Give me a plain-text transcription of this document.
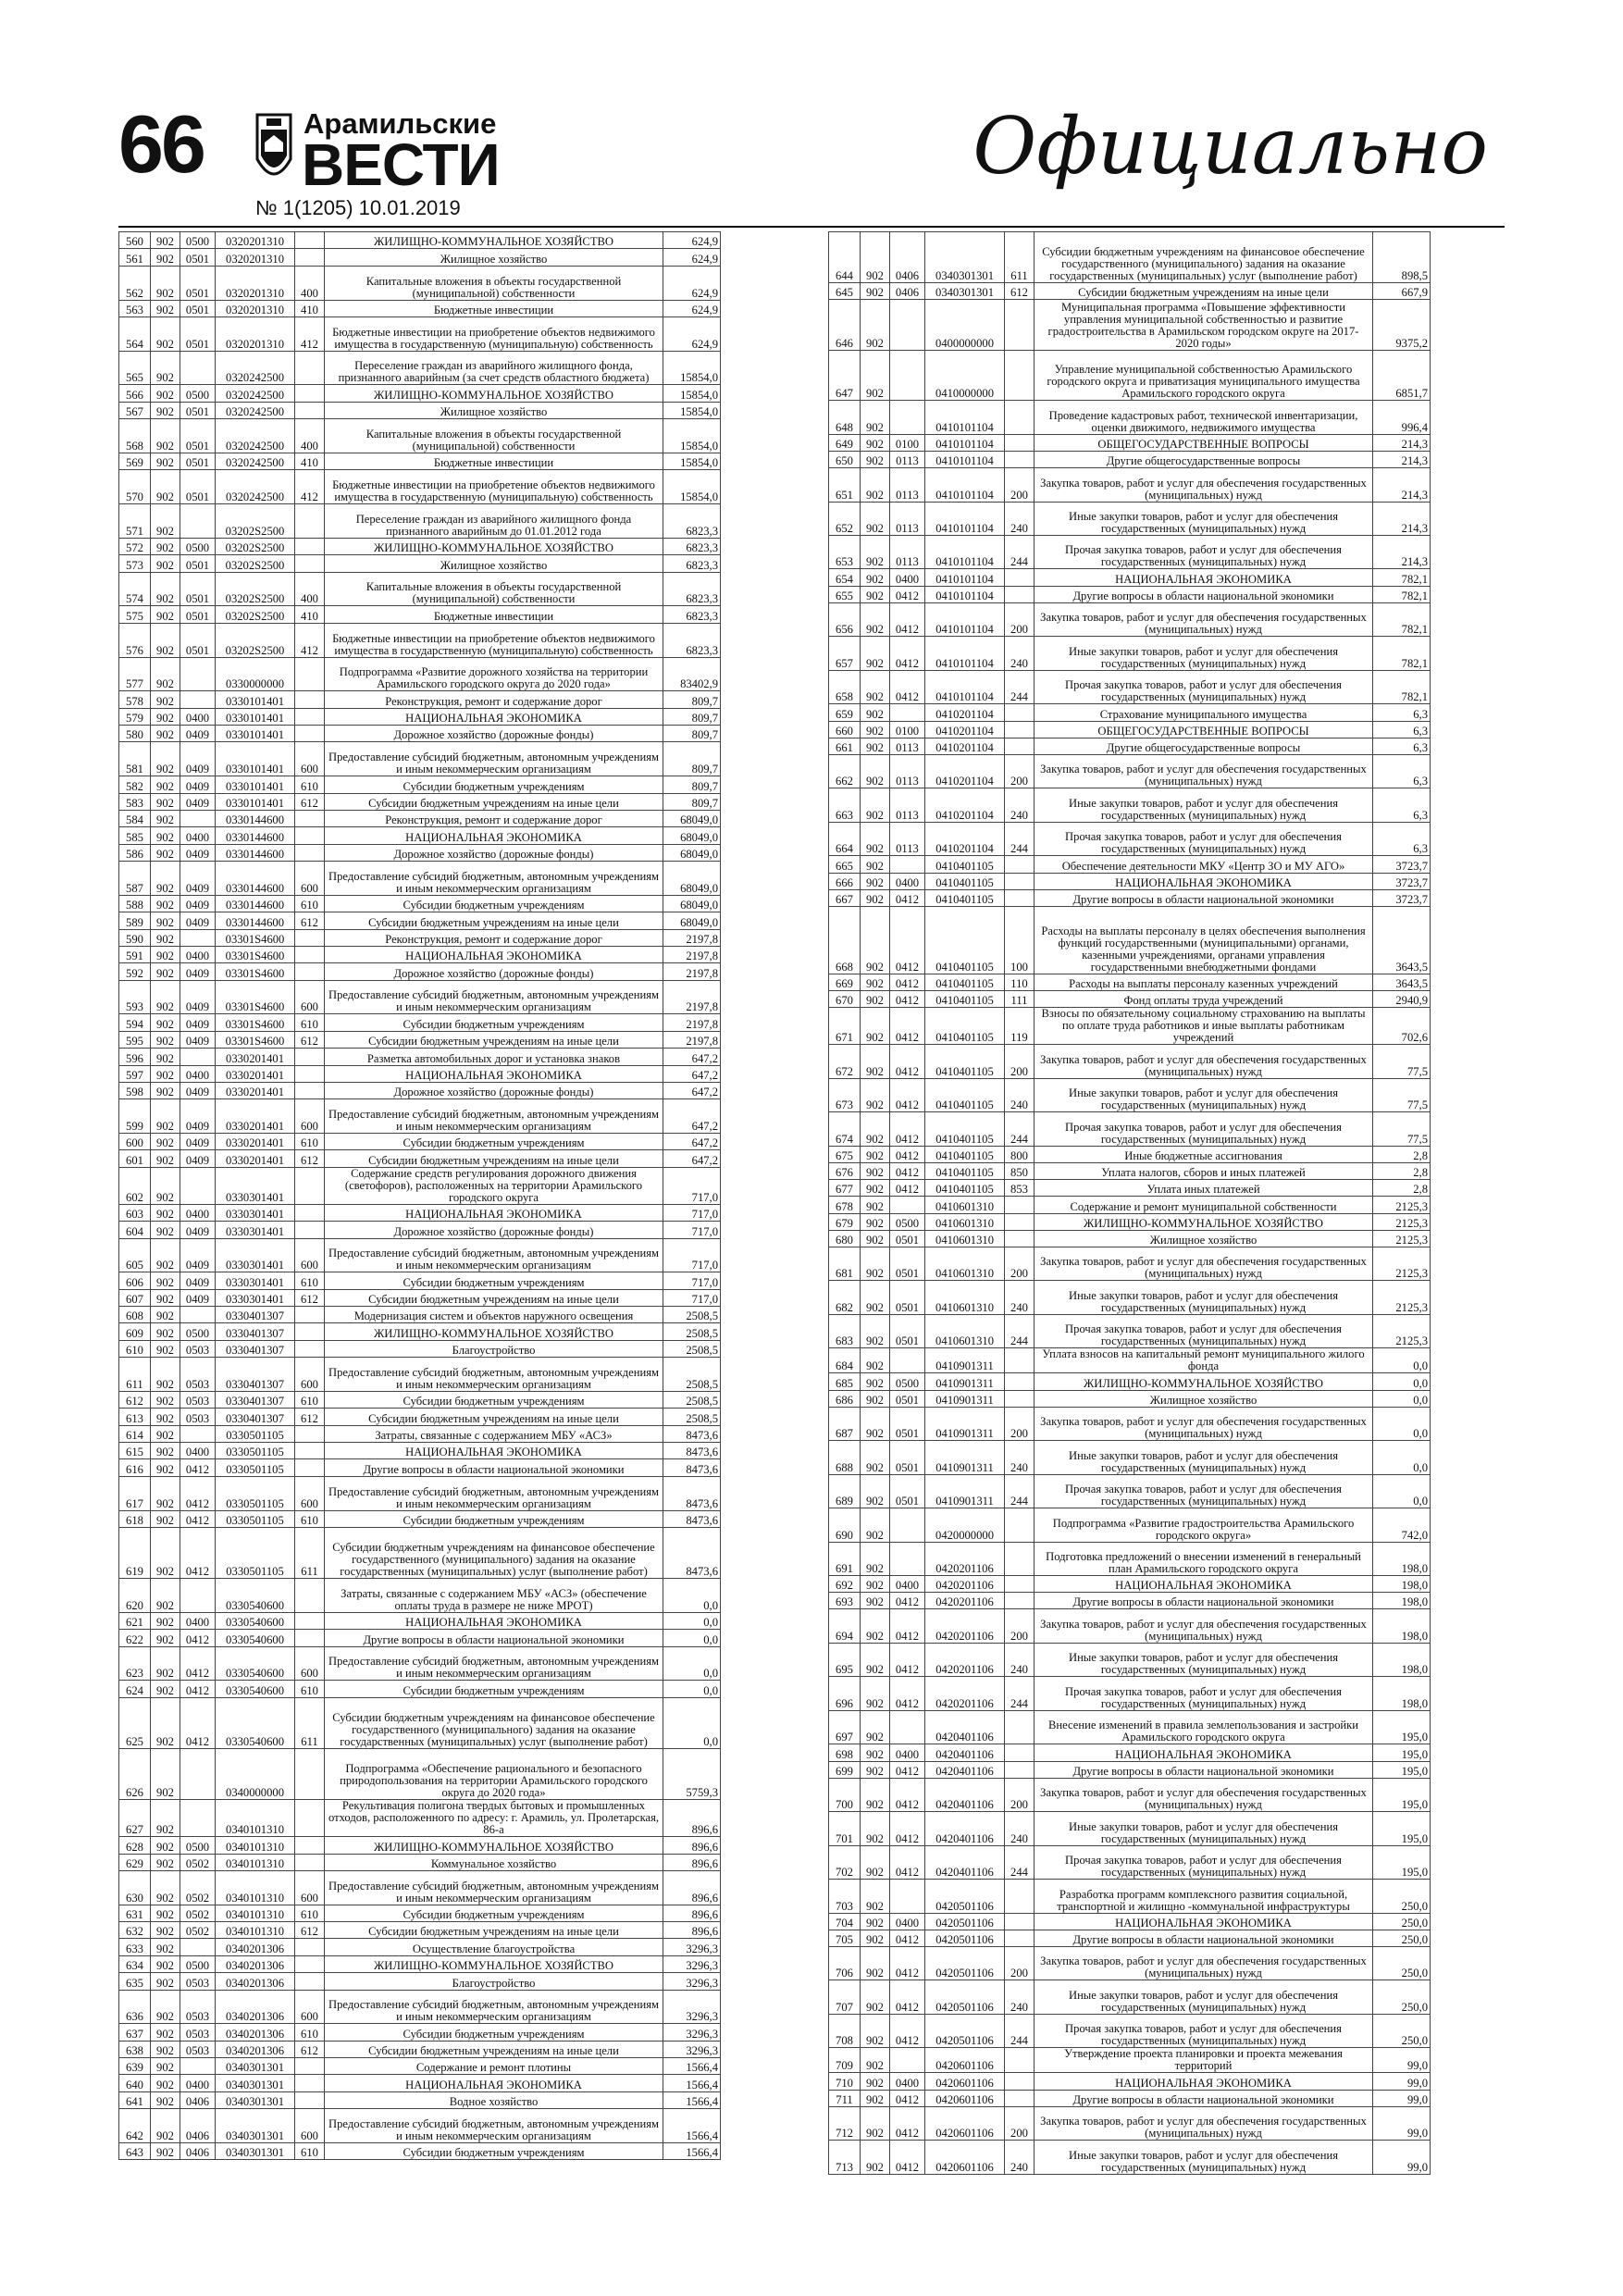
66	Арамильские
ВЕСТИ
№ 1(1205) 10.01.2019
Официально
560	902	0500	0320201310		ЖИЛИЩНО-КОММУНАЛЬНОЕ ХОЗЯЙСТВО	624,9
561	902	0501	0320201310		Жилищное хозяйство	624,9
562	902	0501	0320201310	400	Капитальные вложения в объекты государственной (муниципальной) собственности	624,9
563	902	0501	0320201310	410	Бюджетные инвестиции	624,9
564	902	0501	0320201310	412	Бюджетные инвестиции на приобретение объектов недвижимого имущества в государственную (муниципальную) собственность	624,9
565	902		0320242500		Переселение граждан из аварийного жилищного фонда, признанного аварийным (за счет средств областного бюджета)	15854,0
566	902	0500	0320242500		ЖИЛИЩНО-КОММУНАЛЬНОЕ ХОЗЯЙСТВО	15854,0
567	902	0501	0320242500		Жилищное хозяйство	15854,0
568	902	0501	0320242500	400	Капитальные вложения в объекты государственной (муниципальной) собственности	15854,0
569	902	0501	0320242500	410	Бюджетные инвестиции	15854,0
570	902	0501	0320242500	412	Бюджетные инвестиции на приобретение объектов недвижимого имущества в государственную (муниципальную) собственность	15854,0
571	902		03202S2500		Переселение граждан из аварийного жилищного фонда признанного аварийным до 01.01.2012 года	6823,3
572	902	0500	03202S2500		ЖИЛИЩНО-КОММУНАЛЬНОЕ ХОЗЯЙСТВО	6823,3
573	902	0501	03202S2500		Жилищное хозяйство	6823,3
574	902	0501	03202S2500	400	Капитальные вложения в объекты государственной (муниципальной) собственности	6823,3
575	902	0501	03202S2500	410	Бюджетные инвестиции	6823,3
576	902	0501	03202S2500	412	Бюджетные инвестиции на приобретение объектов недвижимого имущества в государственную (муниципальную) собственность	6823,3
577	902		0330000000		Подпрограмма «Развитие дорожного хозяйства на территории Арамильского городского округа до 2020 года»	83402,9
578	902		0330101401		Реконструкция, ремонт и содержание дорог	809,7
579	902	0400	0330101401		НАЦИОНАЛЬНАЯ ЭКОНОМИКА	809,7
580	902	0409	0330101401		Дорожное хозяйство (дорожные фонды)	809,7
581	902	0409	0330101401	600	Предоставление субсидий бюджетным, автономным учреждениям и иным некоммерческим организациям	809,7
582	902	0409	0330101401	610	Субсидии бюджетным учреждениям	809,7
583	902	0409	0330101401	612	Субсидии бюджетным учреждениям на иные цели	809,7
584	902		0330144600		Реконструкция, ремонт и содержание дорог	68049,0
585	902	0400	0330144600		НАЦИОНАЛЬНАЯ ЭКОНОМИКА	68049,0
586	902	0409	0330144600		Дорожное хозяйство (дорожные фонды)	68049,0
587	902	0409	0330144600	600	Предоставление субсидий бюджетным, автономным учреждениям и иным некоммерческим организациям	68049,0
588	902	0409	0330144600	610	Субсидии бюджетным учреждениям	68049,0
589	902	0409	0330144600	612	Субсидии бюджетным учреждениям на иные цели	68049,0
590	902		03301S4600		Реконструкция, ремонт и содержание дорог	2197,8
591	902	0400	03301S4600		НАЦИОНАЛЬНАЯ ЭКОНОМИКА	2197,8
592	902	0409	03301S4600		Дорожное хозяйство (дорожные фонды)	2197,8
593	902	0409	03301S4600	600	Предоставление субсидий бюджетным, автономным учреждениям и иным некоммерческим организациям	2197,8
594	902	0409	03301S4600	610	Субсидии бюджетным учреждениям	2197,8
595	902	0409	03301S4600	612	Субсидии бюджетным учреждениям на иные цели	2197,8
596	902		0330201401		Разметка автомобильных дорог и установка знаков	647,2
597	902	0400	0330201401		НАЦИОНАЛЬНАЯ ЭКОНОМИКА	647,2
598	902	0409	0330201401		Дорожное хозяйство (дорожные фонды)	647,2
599	902	0409	0330201401	600	Предоставление субсидий бюджетным, автономным учреждениям и иным некоммерческим организациям	647,2
600	902	0409	0330201401	610	Субсидии бюджетным учреждениям	647,2
601	902	0409	0330201401	612	Субсидии бюджетным учреждениям на иные цели	647,2
602	902		0330301401		Содержание средств регулирования дорожного движения (светофоров), расположенных на территории Арамильского городского округа	717,0
603	902	0400	0330301401		НАЦИОНАЛЬНАЯ ЭКОНОМИКА	717,0
604	902	0409	0330301401		Дорожное хозяйство (дорожные фонды)	717,0
605	902	0409	0330301401	600	Предоставление субсидий бюджетным, автономным учреждениям и иным некоммерческим организациям	717,0
606	902	0409	0330301401	610	Субсидии бюджетным учреждениям	717,0
607	902	0409	0330301401	612	Субсидии бюджетным учреждениям на иные цели	717,0
608	902		0330401307		Модернизация систем и объектов наружного освещения	2508,5
609	902	0500	0330401307		ЖИЛИЩНО-КОММУНАЛЬНОЕ ХОЗЯЙСТВО	2508,5
610	902	0503	0330401307		Благоустройство	2508,5
611	902	0503	0330401307	600	Предоставление субсидий бюджетным, автономным учреждениям и иным некоммерческим организациям	2508,5
612	902	0503	0330401307	610	Субсидии бюджетным учреждениям	2508,5
613	902	0503	0330401307	612	Субсидии бюджетным учреждениям на иные цели	2508,5
614	902		0330501105		Затраты, связанные с содержанием МБУ «АСЗ»	8473,6
615	902	0400	0330501105		НАЦИОНАЛЬНАЯ ЭКОНОМИКА	8473,6
616	902	0412	0330501105		Другие вопросы в области национальной экономики	8473,6
617	902	0412	0330501105	600	Предоставление субсидий бюджетным, автономным учреждениям и иным некоммерческим организациям	8473,6
618	902	0412	0330501105	610	Субсидии бюджетным учреждениям	8473,6
619	902	0412	0330501105	611	Субсидии бюджетным учреждениям на финансовое обеспечение государственного (муниципального) задания на оказание государственных (муниципальных) услуг (выполнение работ)	8473,6
620	902		0330540600		Затраты, связанные с содержанием МБУ «АСЗ» (обеспечение оплаты труда в размере не ниже МРОТ)	0,0
621	902	0400	0330540600		НАЦИОНАЛЬНАЯ ЭКОНОМИКА	0,0
622	902	0412	0330540600		Другие вопросы в области национальной экономики	0,0
623	902	0412	0330540600	600	Предоставление субсидий бюджетным, автономным учреждениям и иным некоммерческим организациям	0,0
624	902	0412	0330540600	610	Субсидии бюджетным учреждениям	0,0
625	902	0412	0330540600	611	Субсидии бюджетным учреждениям на финансовое обеспечение государственного (муниципального) задания на оказание государственных (муниципальных) услуг (выполнение работ)	0,0
626	902		0340000000		Подпрограмма «Обеспечение рационального и безопасного природопользования на территории Арамильского городского округа до 2020 года»	5759,3
627	902		0340101310		Рекультивация полигона твердых бытовых и промышленных отходов, расположенного по адресу: г. Арамиль, ул. Пролетарская, 86-а	896,6
628	902	0500	0340101310		ЖИЛИЩНО-КОММУНАЛЬНОЕ ХОЗЯЙСТВО	896,6
629	902	0502	0340101310		Коммунальное хозяйство	896,6
630	902	0502	0340101310	600	Предоставление субсидий бюджетным, автономным учреждениям и иным некоммерческим организациям	896,6
631	902	0502	0340101310	610	Субсидии бюджетным учреждениям	896,6
632	902	0502	0340101310	612	Субсидии бюджетным учреждениям на иные цели	896,6
633	902		0340201306		Осуществление благоустройства	3296,3
634	902	0500	0340201306		ЖИЛИЩНО-КОММУНАЛЬНОЕ ХОЗЯЙСТВО	3296,3
635	902	0503	0340201306		Благоустройство	3296,3
636	902	0503	0340201306	600	Предоставление субсидий бюджетным, автономным учреждениям и иным некоммерческим организациям	3296,3
637	902	0503	0340201306	610	Субсидии бюджетным учреждениям	3296,3
638	902	0503	0340201306	612	Субсидии бюджетным учреждениям на иные цели	3296,3
639	902		0340301301		Содержание и ремонт плотины	1566,4
640	902	0400	0340301301		НАЦИОНАЛЬНАЯ ЭКОНОМИКА	1566,4
641	902	0406	0340301301		Водное хозяйство	1566,4
642	902	0406	0340301301	600	Предоставление субсидий бюджетным, автономным учреждениям и иным некоммерческим организациям	1566,4
643	902	0406	0340301301	610	Субсидии бюджетным учреждениям	1566,4
644	902	0406	0340301301	611	Субсидии бюджетным учреждениям на финансовое обеспечение государственного (муниципального) задания на оказание государственных (муниципальных) услуг (выполнение работ)	898,5
645	902	0406	0340301301	612	Субсидии бюджетным учреждениям на иные цели	667,9
646	902		0400000000		Муниципальная программа «Повышение эффективности управления муниципальной собственностью и развитие градостроительства в Арамильском городском округе на 2017-2020 годы»	9375,2
647	902		0410000000		Управление муниципальной собственностью Арамильского городского округа и приватизация муниципального имущества Арамильского городского округа	6851,7
648	902		0410101104		Проведение кадастровых работ, технической инвентаризации, оценки движимого, недвижимого имущества	996,4
649	902	0100	0410101104		ОБЩЕГОСУДАРСТВЕННЫЕ ВОПРОСЫ	214,3
650	902	0113	0410101104		Другие общегосударственные вопросы	214,3
651	902	0113	0410101104	200	Закупка товаров, работ и услуг для обеспечения государственных (муниципальных) нужд	214,3
652	902	0113	0410101104	240	Иные закупки товаров, работ и услуг для обеспечения государственных (муниципальных) нужд	214,3
653	902	0113	0410101104	244	Прочая закупка товаров, работ и услуг для обеспечения государственных (муниципальных) нужд	214,3
654	902	0400	0410101104		НАЦИОНАЛЬНАЯ ЭКОНОМИКА	782,1
655	902	0412	0410101104		Другие вопросы в области национальной экономики	782,1
656	902	0412	0410101104	200	Закупка товаров, работ и услуг для обеспечения государственных (муниципальных) нужд	782,1
657	902	0412	0410101104	240	Иные закупки товаров, работ и услуг для обеспечения государственных (муниципальных) нужд	782,1
658	902	0412	0410101104	244	Прочая закупка товаров, работ и услуг для обеспечения государственных (муниципальных) нужд	782,1
659	902		0410201104		Страхование муниципального имущества	6,3
660	902	0100	0410201104		ОБЩЕГОСУДАРСТВЕННЫЕ ВОПРОСЫ	6,3
661	902	0113	0410201104		Другие общегосударственные вопросы	6,3
662	902	0113	0410201104	200	Закупка товаров, работ и услуг для обеспечения государственных (муниципальных) нужд	6,3
663	902	0113	0410201104	240	Иные закупки товаров, работ и услуг для обеспечения государственных (муниципальных) нужд	6,3
664	902	0113	0410201104	244	Прочая закупка товаров, работ и услуг для обеспечения государственных (муниципальных) нужд	6,3
665	902		0410401105		Обеспечение деятельности МКУ «Центр ЗО и МУ АГО»	3723,7
666	902	0400	0410401105		НАЦИОНАЛЬНАЯ ЭКОНОМИКА	3723,7
667	902	0412	0410401105		Другие вопросы в области национальной экономики	3723,7
668	902	0412	0410401105	100	Расходы на выплаты персоналу в целях обеспечения выполнения функций государственными (муниципальными) органами, казенными учреждениями, органами управления государственными внебюджетными фондами	3643,5
669	902	0412	0410401105	110	Расходы на выплаты персоналу казенных учреждений	3643,5
670	902	0412	0410401105	111	Фонд оплаты труда учреждений	2940,9
671	902	0412	0410401105	119	Взносы по обязательному социальному страхованию на выплаты по оплате труда работников и иные выплаты работникам учреждений	702,6
672	902	0412	0410401105	200	Закупка товаров, работ и услуг для обеспечения государственных (муниципальных) нужд	77,5
673	902	0412	0410401105	240	Иные закупки товаров, работ и услуг для обеспечения государственных (муниципальных) нужд	77,5
674	902	0412	0410401105	244	Прочая закупка товаров, работ и услуг для обеспечения государственных (муниципальных) нужд	77,5
675	902	0412	0410401105	800	Иные бюджетные ассигнования	2,8
676	902	0412	0410401105	850	Уплата налогов, сборов и иных платежей	2,8
677	902	0412	0410401105	853	Уплата иных платежей	2,8
678	902		0410601310		Содержание и ремонт муниципальной собственности	2125,3
679	902	0500	0410601310		ЖИЛИЩНО-КОММУНАЛЬНОЕ ХОЗЯЙСТВО	2125,3
680	902	0501	0410601310		Жилищное хозяйство	2125,3
681	902	0501	0410601310	200	Закупка товаров, работ и услуг для обеспечения государственных (муниципальных) нужд	2125,3
682	902	0501	0410601310	240	Иные закупки товаров, работ и услуг для обеспечения государственных (муниципальных) нужд	2125,3
683	902	0501	0410601310	244	Прочая закупка товаров, работ и услуг для обеспечения государственных (муниципальных) нужд	2125,3
684	902		0410901311		Уплата взносов на капитальный ремонт муниципального жилого фонда	0,0
685	902	0500	0410901311		ЖИЛИЩНО-КОММУНАЛЬНОЕ ХОЗЯЙСТВО	0,0
686	902	0501	0410901311		Жилищное хозяйство	0,0
687	902	0501	0410901311	200	Закупка товаров, работ и услуг для обеспечения государственных (муниципальных) нужд	0,0
688	902	0501	0410901311	240	Иные закупки товаров, работ и услуг для обеспечения государственных (муниципальных) нужд	0,0
689	902	0501	0410901311	244	Прочая закупка товаров, работ и услуг для обеспечения государственных (муниципальных) нужд	0,0
690	902		0420000000		Подпрограмма «Развитие градостроительства Арамильского городского округа»	742,0
691	902		0420201106		Подготовка предложений о внесении изменений в генеральный план Арамильского городского округа	198,0
692	902	0400	0420201106		НАЦИОНАЛЬНАЯ ЭКОНОМИКА	198,0
693	902	0412	0420201106		Другие вопросы в области национальной экономики	198,0
694	902	0412	0420201106	200	Закупка товаров, работ и услуг для обеспечения государственных (муниципальных) нужд	198,0
695	902	0412	0420201106	240	Иные закупки товаров, работ и услуг для обеспечения государственных (муниципальных) нужд	198,0
696	902	0412	0420201106	244	Прочая закупка товаров, работ и услуг для обеспечения государственных (муниципальных) нужд	198,0
697	902		0420401106		Внесение изменений в правила землепользования и застройки Арамильского городского округа	195,0
698	902	0400	0420401106		НАЦИОНАЛЬНАЯ ЭКОНОМИКА	195,0
699	902	0412	0420401106		Другие вопросы в области национальной экономики	195,0
700	902	0412	0420401106	200	Закупка товаров, работ и услуг для обеспечения государственных (муниципальных) нужд	195,0
701	902	0412	0420401106	240	Иные закупки товаров, работ и услуг для обеспечения государственных (муниципальных) нужд	195,0
702	902	0412	0420401106	244	Прочая закупка товаров, работ и услуг для обеспечения государственных (муниципальных) нужд	195,0
703	902		0420501106		Разработка программ комплексного развития социальной, транспортной и жилищно -коммунальной инфраструктуры	250,0
704	902	0400	0420501106		НАЦИОНАЛЬНАЯ ЭКОНОМИКА	250,0
705	902	0412	0420501106		Другие вопросы в области национальной экономики	250,0
706	902	0412	0420501106	200	Закупка товаров, работ и услуг для обеспечения государственных (муниципальных) нужд	250,0
707	902	0412	0420501106	240	Иные закупки товаров, работ и услуг для обеспечения государственных (муниципальных) нужд	250,0
708	902	0412	0420501106	244	Прочая закупка товаров, работ и услуг для обеспечения государственных (муниципальных) нужд	250,0
709	902		0420601106		Утверждение проекта планировки и проекта межевания территорий	99,0
710	902	0400	0420601106		НАЦИОНАЛЬНАЯ ЭКОНОМИКА	99,0
711	902	0412	0420601106		Другие вопросы в области национальной экономики	99,0
712	902	0412	0420601106	200	Закупка товаров, работ и услуг для обеспечения государственных (муниципальных) нужд	99,0
713	902	0412	0420601106	240	Иные закупки товаров, работ и услуг для обеспечения государственных (муниципальных) нужд	99,0
